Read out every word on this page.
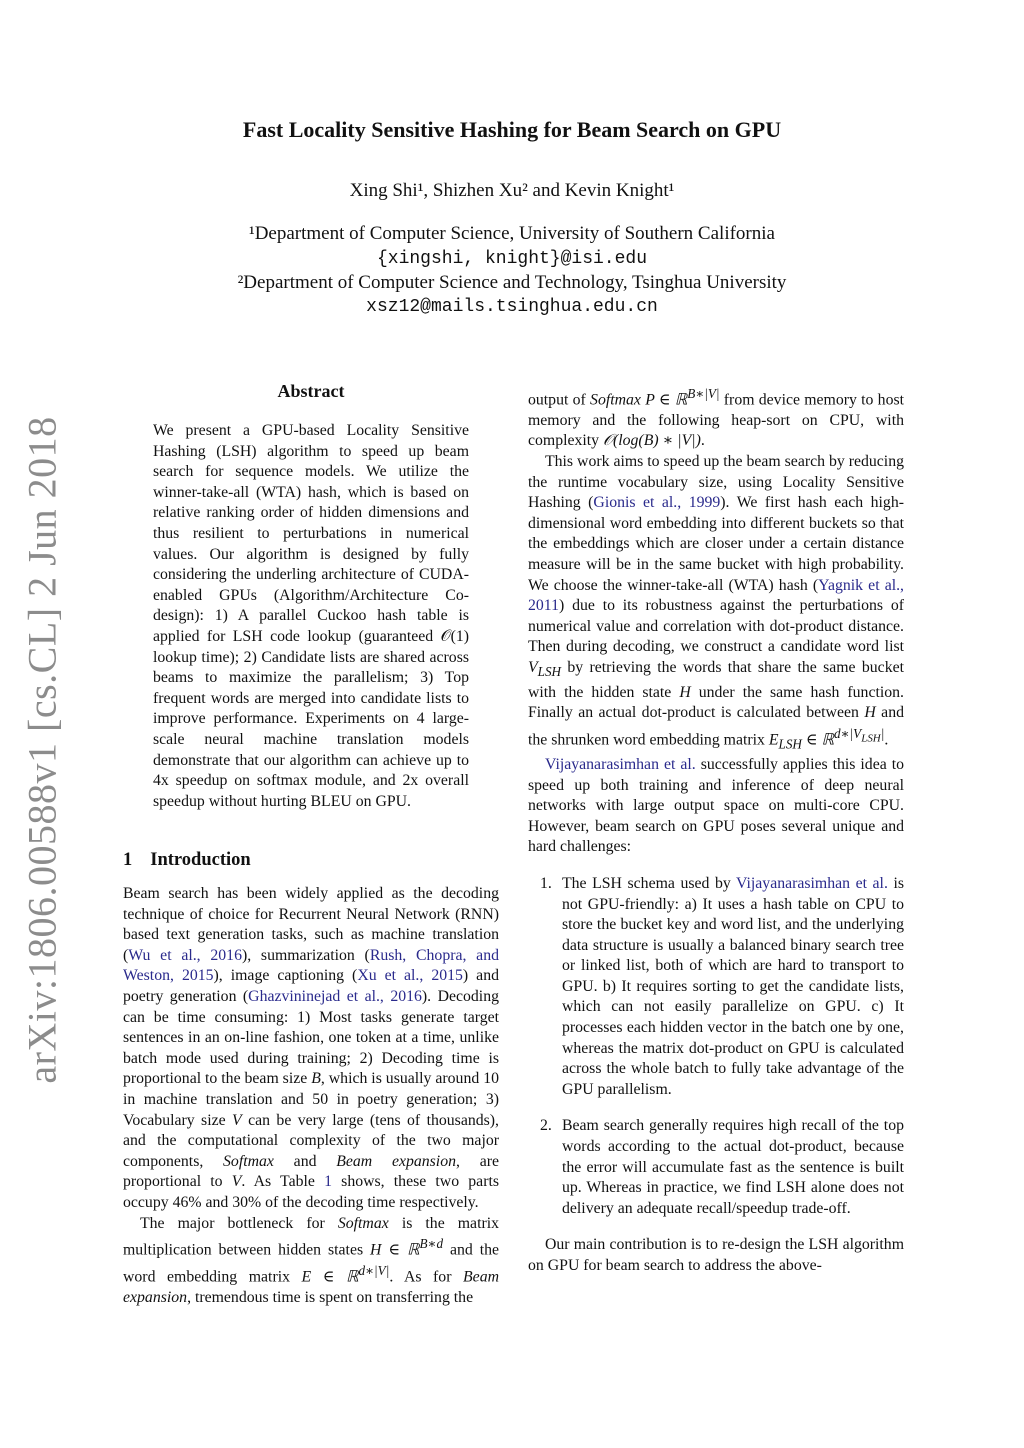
arXiv:1806.00588v1 [cs.CL] 2 Jun 2018
Fast Locality Sensitive Hashing for Beam Search on GPU
Xing Shi¹, Shizhen Xu² and Kevin Knight¹
¹Department of Computer Science, University of Southern California
{xingshi, knight}@isi.edu
²Department of Computer Science and Technology, Tsinghua University
xsz12@mails.tsinghua.edu.cn
Abstract

We present a GPU-based Locality Sensitive Hashing (LSH) algorithm to speed up beam search for sequence models. We utilize the winner-take-all (WTA) hash, which is based on relative ranking order of hidden dimensions and thus resilient to perturbations in numerical values. Our algorithm is designed by fully considering the underling architecture of CUDA-enabled GPUs (Algorithm/Architecture Co-design): 1) A parallel Cuckoo hash table is applied for LSH code lookup (guaranteed 𝒪(1) lookup time); 2) Candidate lists are shared across beams to maximize the parallelism; 3) Top frequent words are merged into candidate lists to improve performance. Experiments on 4 large-scale neural machine translation models demonstrate that our algorithm can achieve up to 4x speedup on softmax module, and 2x overall speedup without hurting BLEU on GPU.

1 Introduction

Beam search has been widely applied as the decoding technique of choice for Recurrent Neural Network (RNN) based text generation tasks, such as machine translation (Wu et al., 2016), summarization (Rush, Chopra, and Weston, 2015), image captioning (Xu et al., 2015) and poetry generation (Ghazvininejad et al., 2016). Decoding can be time consuming: 1) Most tasks generate target sentences in an on-line fashion, one token at a time, unlike batch mode used during training; 2) Decoding time is proportional to the beam size B, which is usually around 10 in machine translation and 50 in poetry generation; 3) Vocabulary size V can be very large (tens of thousands), and the computational complexity of the two major components, Softmax and Beam expansion, are proportional to V. As Table 1 shows, these two parts occupy 46% and 30% of the decoding time respectively.

The major bottleneck for Softmax is the matrix multiplication between hidden states H ∈ ℝ$^{B∗d}$ and the word embedding matrix E ∈ ℝ$^{d∗|V|}$. As for Beam expansion, tremendous time is spent on transferring the

output of Softmax P ∈ ℝ$^{B∗|V|}$ from device memory to host memory and the following heap-sort on CPU, with complexity 𝒪(log(B) ∗ |V|).

This work aims to speed up the beam search by reducing the runtime vocabulary size, using Locality Sensitive Hashing (Gionis et al., 1999). We first hash each high-dimensional word embedding into different buckets so that the embeddings which are closer under a certain distance measure will be in the same bucket with high probability. We choose the winner-take-all (WTA) hash (Yagnik et al., 2011) due to its robustness against the perturbations of numerical value and correlation with dot-product distance. Then during decoding, we construct a candidate word list $V_{LSH}$ by retrieving the words that share the same bucket with the hidden state H under the same hash function. Finally an actual dot-product is calculated between H and the shrunken word embedding matrix $E_{LSH}$ ∈ ℝ$^{d∗|V_{LSH}|}$.

Vijayanarasimhan et al. successfully applies this idea to speed up both training and inference of deep neural networks with large output space on multi-core CPU. However, beam search on GPU poses several unique and hard challenges:

1. The LSH schema used by Vijayanarasimhan et al. is not GPU-friendly: a) It uses a hash table on CPU to store the bucket key and word list, and the underlying data structure is usually a balanced binary search tree or linked list, both of which are hard to transport to GPU. b) It requires sorting to get the candidate lists, which can not easily parallelize on GPU. c) It processes each hidden vector in the batch one by one, whereas the matrix dot-product on GPU is calculated across the whole batch to fully take advantage of the GPU parallelism.
2. Beam search generally requires high recall of the top words according to the actual dot-product, because the error will accumulate fast as the sentence is built up. Whereas in practice, we find LSH alone does not delivery an adequate recall/speedup trade-off.

Our main contribution is to re-design the LSH algorithm on GPU for beam search to address the above-
